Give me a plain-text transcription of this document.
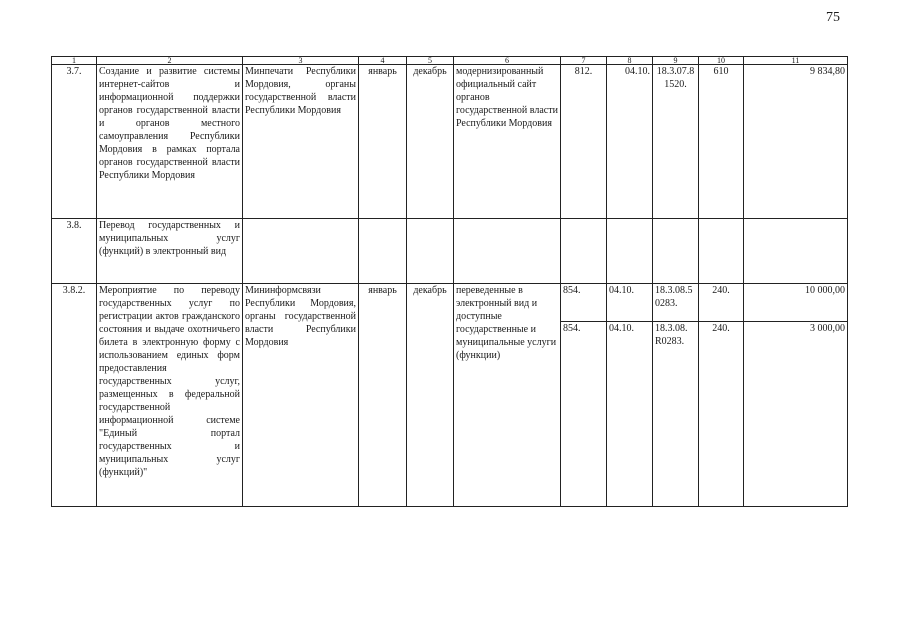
75
1	2	3	4	5	6	7	8	9	10	11
3.7.	Создание и развитие системы интернет-сайтов и информационной поддержки органов государственной власти и органов местного самоуправления Республики Мордовия в рамках портала органов государственной власти Республики Мордовия	Минпечати Республики Мордовия, органы государственной власти Республики Мордовия	январь	декабрь	модернизированный официальный сайт органов государственной власти Республики Мордовия	812.	04.10.	18.3.07.8 1520.	610	9 834,80
3.8.	Перевод государственных и муниципальных услуг (функций) в электронный вид									
3.8.2.	Мероприятие по переводу государственных услуг по регистрации актов гражданского состояния и выдаче охотничьего билета в электронную форму с использованием единых форм предоставления государственных услуг, размещенных в федеральной государственной информационной системе "Единый портал государственных и муниципальных услуг (функций)"	Мининформсвязи Республики Мордовия, органы государственной власти Республики Мордовия	январь	декабрь	переведенные в электронный вид и доступные государственные и муниципальные услуги (функции)	854.	04.10.	18.3.08.5 0283.	240.	10 000,00
						854.	04.10.	18.3.08. R0283.	240.	3 000,00
